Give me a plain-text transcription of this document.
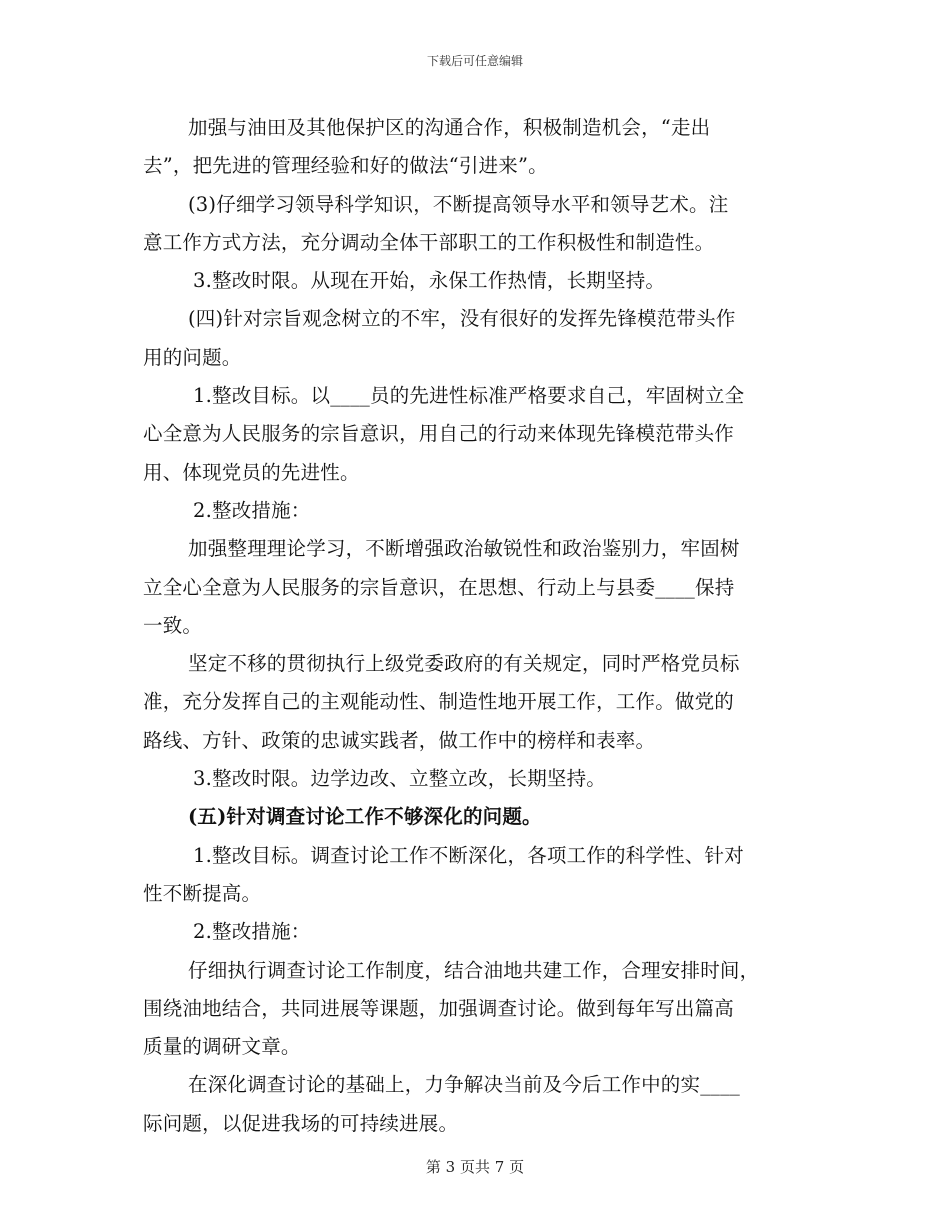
下载后可任意编辑
加强与油田及其他保护区的沟通合作，积极制造机会，“走出
去”，把先进的管理经验和好的做法“引进来”。
(3)仔细学习领导科学知识，不断提高领导水平和领导艺术。注
意工作方式方法，充分调动全体干部职工的工作积极性和制造性。
3.整改时限。从现在开始，永保工作热情，长期坚持。
(四)针对宗旨观念树立的不牢，没有很好的发挥先锋模范带头作
用的问题。
1.整改目标。以____员的先进性标准严格要求自己，牢固树立全
心全意为人民服务的宗旨意识，用自己的行动来体现先锋模范带头作
用、体现党员的先进性。
2.整改措施：
加强整理理论学习，不断增强政治敏锐性和政治鉴别力，牢固树
立全心全意为人民服务的宗旨意识，在思想、行动上与县委____保持
一致。
坚定不移的贯彻执行上级党委政府的有关规定，同时严格党员标
准，充分发挥自己的主观能动性、制造性地开展工作，工作。做党的
路线、方针、政策的忠诚实践者，做工作中的榜样和表率。
3.整改时限。边学边改、立整立改，长期坚持。
(五)针对调查讨论工作不够深化的问题。
1.整改目标。调查讨论工作不断深化，各项工作的科学性、针对
性不断提高。
2.整改措施：
仔细执行调查讨论工作制度，结合油地共建工作，合理安排时间，
围绕油地结合，共同进展等课题，加强调查讨论。做到每年写出篇高
质量的调研文章。
在深化调查讨论的基础上，力争解决当前及今后工作中的实____
际问题，以促进我场的可持续进展。
第 3 页共 7 页
